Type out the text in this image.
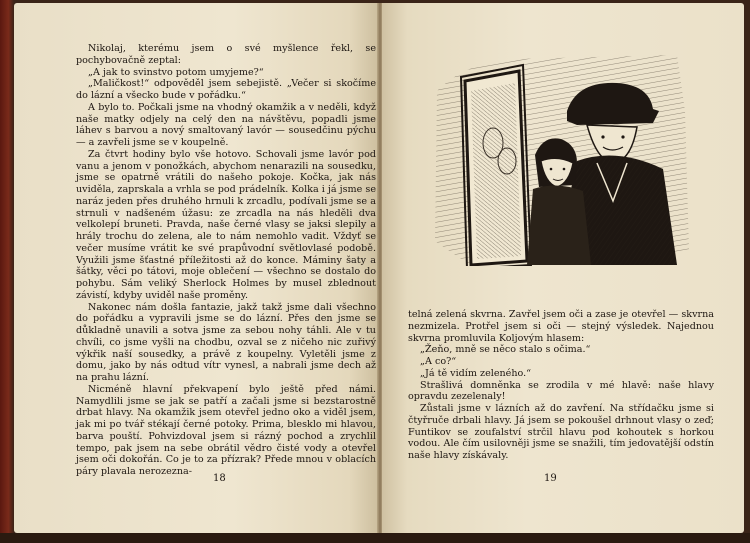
Nikolaj, kterému jsem o své myšlence řekl, se pochybovačně zeptal:

„A jak to svinstvo potom umyjeme?“

„Maličkost!“ odpověděl jsem sebejistě. „Večer si skočíme do lázní a všecko bude v pořádku.“

A bylo to. Počkali jsme na vhodný okamžik a v neděli, když naše matky odjely na celý den na návštěvu, popadli jsme láhev s barvou a nový smaltovaný lavór — sousedčinu pýchu — a zavřeli jsme se v koupelně.

Za čtvrt hodiny bylo vše hotovo. Schovali jsme lavór pod vanu a jenom v ponožkách, abychom nenarazili na sousedku, jsme se opatrně vrátili do našeho pokoje. Kočka, jak nás uviděla, zaprskala a vrhla se pod prádelník. Kolka i já jsme se naráz jeden přes druhého hrnuli k zrcadlu, podívali jsme se a strnuli v nadšeném úžasu: ze zrcadla na nás hleděli dva velkolepí bruneti. Pravda, naše černé vlasy se jaksi slepily a hrály trochu do zelena, ale to nám nemohlo vadit. Vždyť se večer musíme vrátit ke své prapůvodní světlovlasé podobě. Využili jsme šťastné příležitosti až do konce. Máminy šaty a šátky, věci po tátovi, moje oblečení — všechno se dostalo do pohybu. Sám veliký Sherlock Holmes by musel zblednout závistí, kdyby uviděl naše proměny.

Nakonec nám došla fantazie, jakž takž jsme dali všechno do pořádku a vypravili jsme se do lázní. Přes den jsme se důkladně unavili a sotva jsme za sebou nohy táhli. Ale v tu chvíli, co jsme vyšli na chodbu, ozval se z ničeho nic zuřivý výkřik naší sousedky, a právě z koupelny. Vyletěli jsme z domu, jako by nás odtud vítr vynesl, a nabrali jsme dech až na prahu lázní.

Nicméně hlavní překvapení bylo ještě před námi. Namydlili jsme se jak se patří a začali jsme si bezstarostně drbat hlavy. Na okamžik jsem otevřel jedno oko a viděl jsem, jak mi po tvář stékají černé potoky. Prima, blesklo mi hlavou, barva pouští. Pohvizdoval jsem si rázný pochod a zrychlil tempo, pak jsem na sebe obrátil vědro čisté vody a otevřel jsem oči dokořán. Co je to za přízrak? Přede mnou v oblacích páry plavala nerozezna-

18

telná zelená skvrna. Zavřel jsem oči a zase je otevřel — skvrna nezmizela. Protřel jsem si oči — stejný výsledek. Najednou skvrna promluvila Koljovým hlasem:

„Žeňo, mně se něco stalo s očima.“

„A co?“

„Já tě vidím zeleného.“

Strašlivá domněnka se zrodila v mé hlavě: naše hlavy opravdu zezelenaly!

Zůstali jsme v lázních až do zavření. Na střídačku jsme si čtyřruče drbali hlavy. Já jsem se pokoušel drhnout vlasy o zeď; Funtikov se zoufalství strčil hlavu pod kohoutek s horkou vodou. Ale čím usilovněji jsme se snažili, tím jedovatější odstín naše hlavy získávaly.

19
